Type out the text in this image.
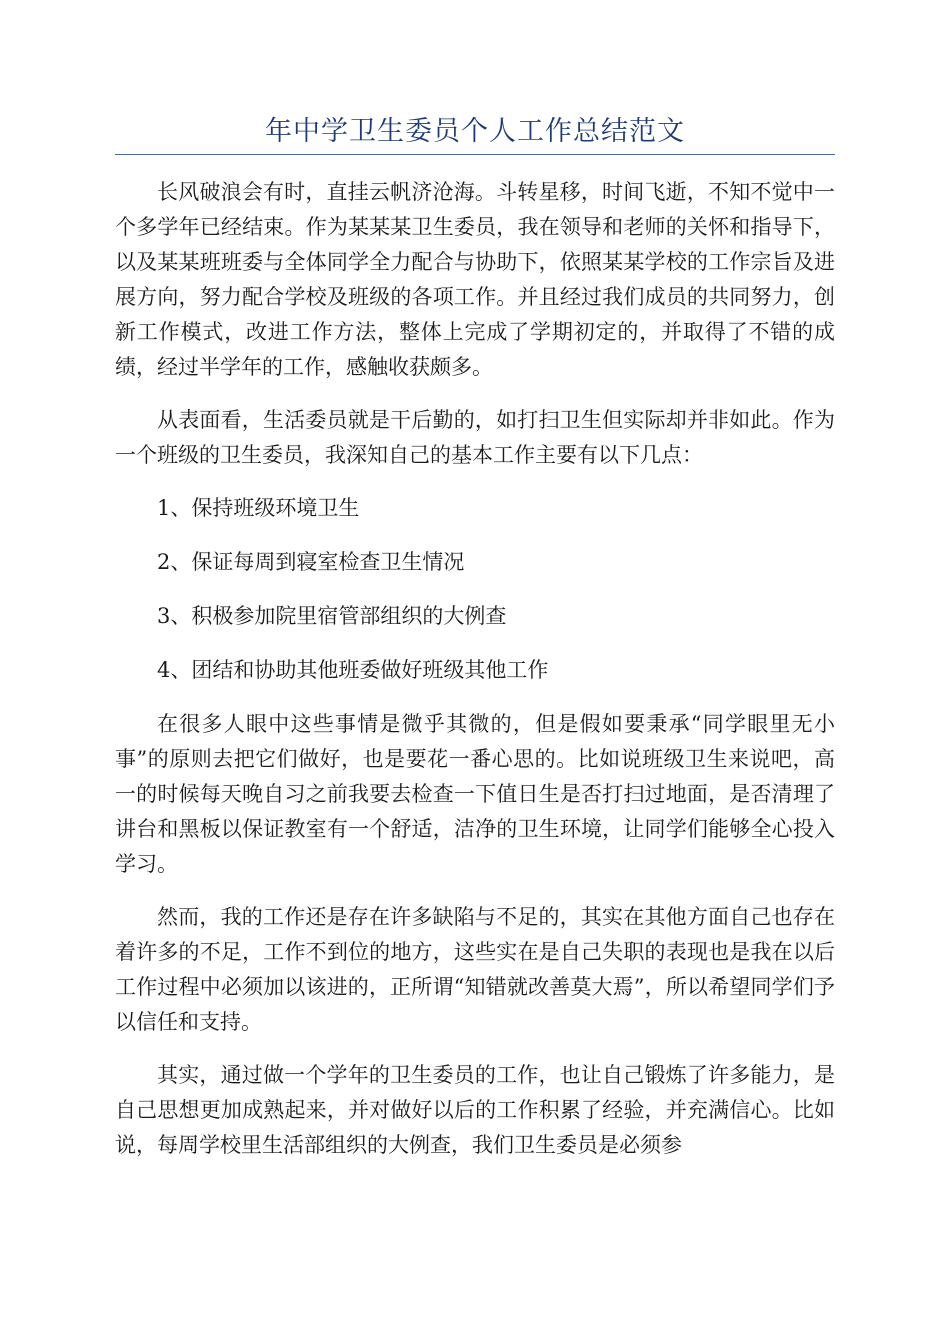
年中学卫生委员个人工作总结范文

长风破浪会有时，直挂云帆济沧海。斗转星移，时间飞逝，不知不觉中一个多学年已经结束。作为某某某卫生委员，我在领导和老师的关怀和指导下，以及某某班班委与全体同学全力配合与协助下，依照某某学校的工作宗旨及进展方向，努力配合学校及班级的各项工作。并且经过我们成员的共同努力，创新工作模式，改进工作方法，整体上完成了学期初定的，并取得了不错的成绩，经过半学年的工作，感触收获颇多。

从表面看，生活委员就是干后勤的，如打扫卫生但实际却并非如此。作为一个班级的卫生委员，我深知自己的基本工作主要有以下几点：

1、保持班级环境卫生

2、保证每周到寝室检查卫生情况

3、积极参加院里宿管部组织的大例查

4、团结和协助其他班委做好班级其他工作

在很多人眼中这些事情是微乎其微的，但是假如要秉承“同学眼里无小事”的原则去把它们做好，也是要花一番心思的。比如说班级卫生来说吧，高一的时候每天晚自习之前我要去检查一下值日生是否打扫过地面，是否清理了讲台和黑板以保证教室有一个舒适，洁净的卫生环境，让同学们能够全心投入学习。

然而，我的工作还是存在许多缺陷与不足的，其实在其他方面自己也存在着许多的不足，工作不到位的地方，这些实在是自己失职的表现也是我在以后工作过程中必须加以该进的，正所谓“知错就改善莫大焉”，所以希望同学们予以信任和支持。

其实，通过做一个学年的卫生委员的工作，也让自己锻炼了许多能力，是自己思想更加成熟起来，并对做好以后的工作积累了经验，并充满信心。比如说，每周学校里生活部组织的大例查，我们卫生委员是必须参
